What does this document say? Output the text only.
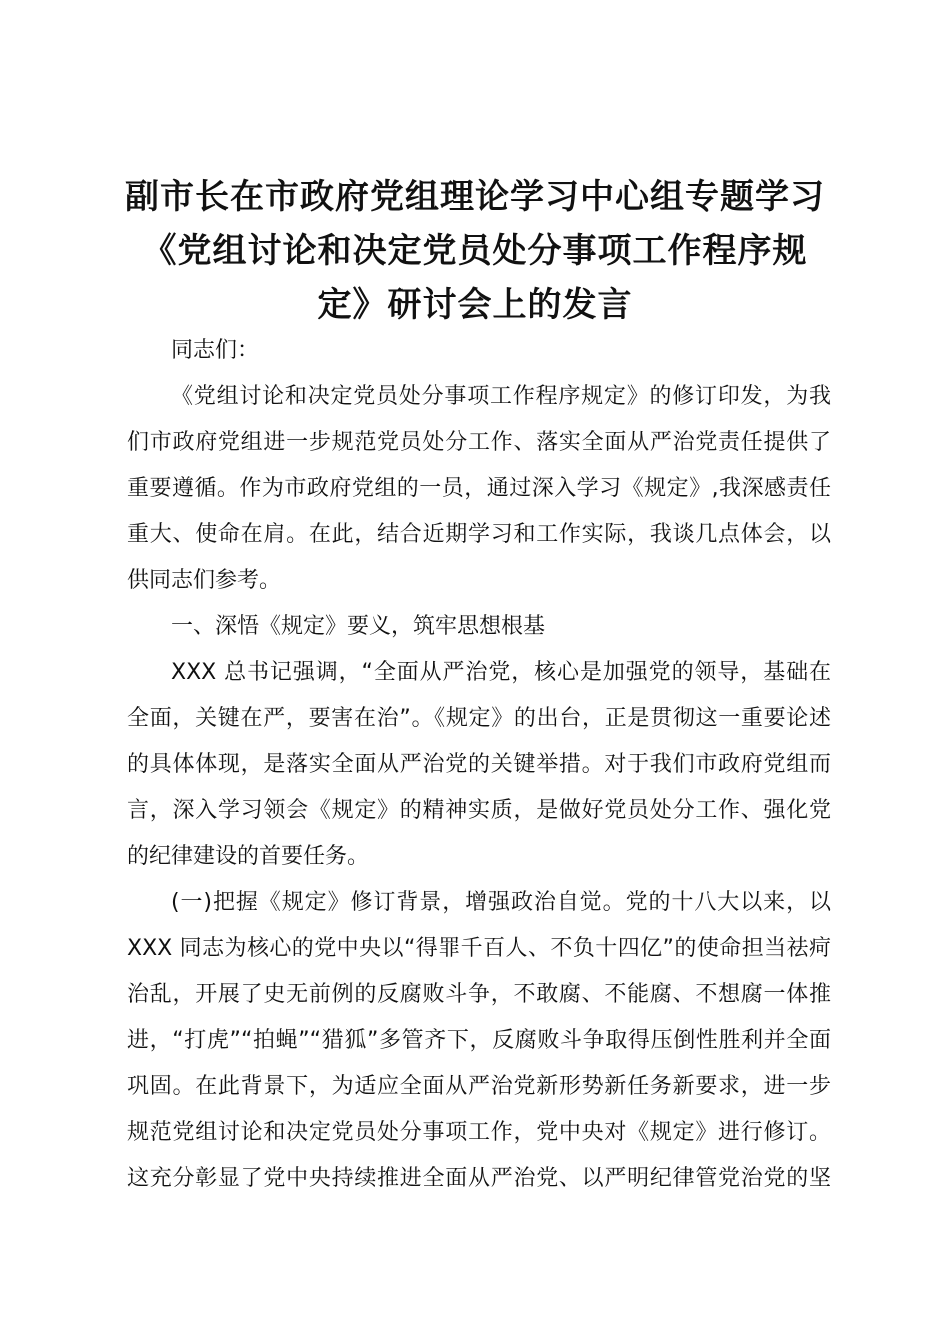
副市长在市政府党组理论学习中心组专题学习
《党组讨论和决定党员处分事项工作程序规
定》研讨会上的发言
同志们：
《党组讨论和决定党员处分事项工作程序规定》的修订印发，为我
们市政府党组进一步规范党员处分工作、落实全面从严治党责任提供了
重要遵循。作为市政府党组的一员，通过深入学习《规定》,我深感责任
重大、使命在肩。在此，结合近期学习和工作实际，我谈几点体会，以
供同志们参考。
一、深悟《规定》要义，筑牢思想根基
XXX 总书记强调，“全面从严治党，核心是加强党的领导，基础在
全面，关键在严，要害在治”。《规定》的出台，正是贯彻这一重要论述
的具体体现，是落实全面从严治党的关键举措。对于我们市政府党组而
言，深入学习领会《规定》的精神实质，是做好党员处分工作、强化党
的纪律建设的首要任务。
(一)把握《规定》修订背景，增强政治自觉。党的十八大以来，以
XXX 同志为核心的党中央以“得罪千百人、不负十四亿”的使命担当祛疴
治乱，开展了史无前例的反腐败斗争，不敢腐、不能腐、不想腐一体推
进，“打虎”“拍蝇”“猎狐”多管齐下，反腐败斗争取得压倒性胜利并全面
巩固。在此背景下，为适应全面从严治党新形势新任务新要求，进一步
规范党组讨论和决定党员处分事项工作，党中央对《规定》进行修订。
这充分彰显了党中央持续推进全面从严治党、以严明纪律管党治党的坚
